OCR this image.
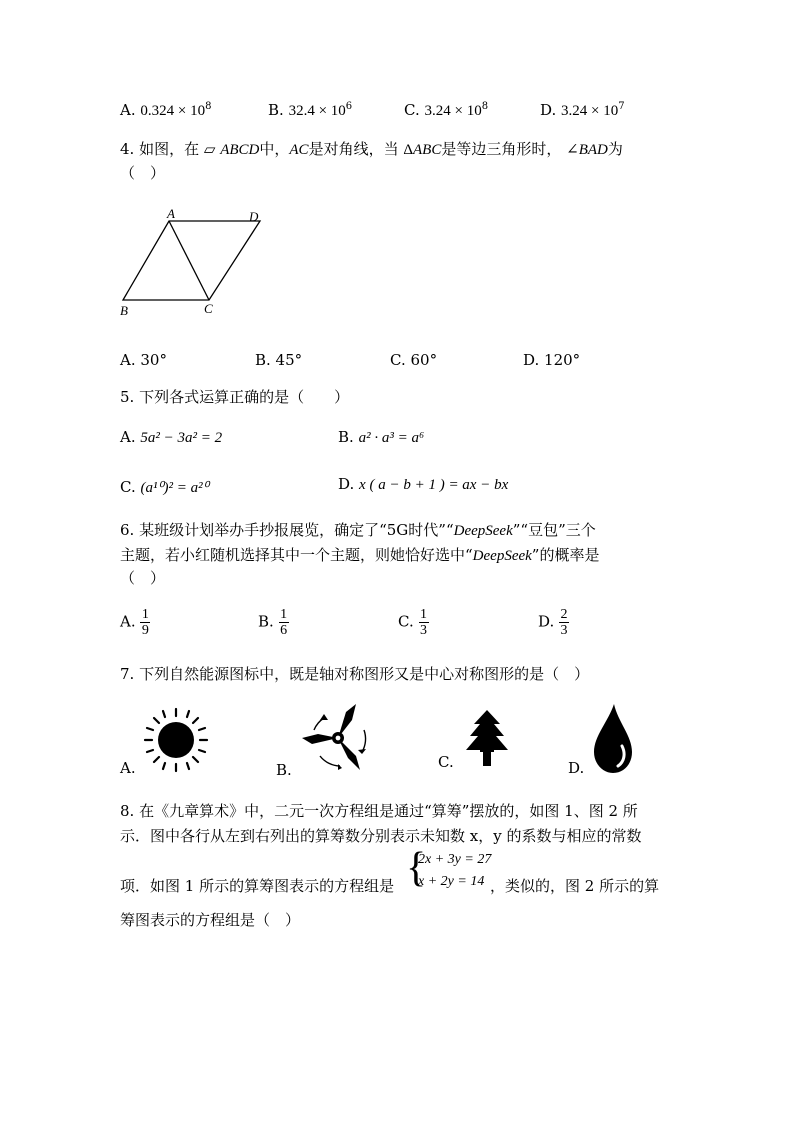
A. $0.324 \times 10^8$	B. $32.4 \times 10^6$	C. $3.24 \times 10^8$	D. $3.24 \times 10^7$
4. 如图，在 ▱ ABCD中，AC是对角线，当 ΔABC是等边三角形时， ∠BAD为
（　）
A	D
B	C
A. 30°	B. 45°	C. 60°	D. 120°
5. 下列各式运算正确的是（　　）
A. 5a² − 3a² = 2	B. a² · a³ = a⁶
C. (a¹⁰)² = a²⁰	D. x ( a − b + 1 ) = ax − bx
6. 某班级计划举办手抄报展览，确定了“5G时代”“DeepSeek”“豆包”三个
主题，若小红随机选择其中一个主题，则她恰好选中“DeepSeek”的概率是
（　）
A. $\frac{1}{9}$	B. $\frac{1}{6}$	C. $\frac{1}{3}$	D. $\frac{2}{3}$
7. 下列自然能源图标中，既是轴对称图形又是中心对称图形的是（　）
A.	B.	C.	D.
8. 在《九章算术》中，二元一次方程组是通过“算筹”摆放的，如图 1、图 2 所
示．图中各行从左到右列出的算筹数分别表示未知数 x，y 的系数与相应的常数
项．如图 1 所示的算筹图表示的方程组是 {
2x + 3y = 27
x + 2y = 14 ，类似的，图 2 所示的算
筹图表示的方程组是（　）
